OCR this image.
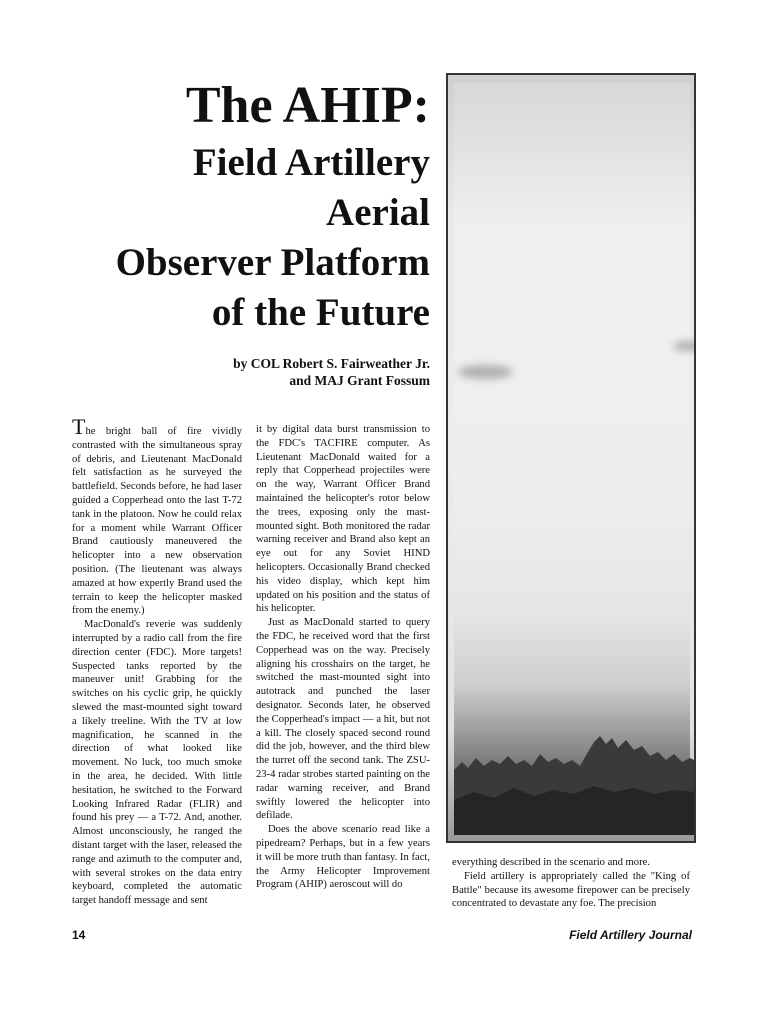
The AHIP:
Field Artillery
Aerial
Observer Platform
of the Future
by COL Robert S. Fairweather Jr.
and MAJ Grant Fossum

The bright ball of fire vividly contrasted with the simultaneous spray of debris, and Lieutenant MacDonald felt satisfaction as he surveyed the battlefield. Seconds before, he had laser guided a Copperhead onto the last T-72 tank in the platoon. Now he could relax for a moment while Warrant Officer Brand cautiously maneuvered the helicopter into a new observation position. (The lieutenant was always amazed at how expertly Brand used the terrain to keep the helicopter masked from the enemy.)

MacDonald's reverie was suddenly interrupted by a radio call from the fire direction center (FDC). More targets! Suspected tanks reported by the maneuver unit! Grabbing for the switches on his cyclic grip, he quickly slewed the mast-mounted sight toward a likely treeline. With the TV at low magnification, he scanned in the direction of what looked like movement. No luck, too much smoke in the area, he decided. With little hesitation, he switched to the Forward Looking Infrared Radar (FLIR) and found his prey — a T-72. And, another. Almost unconsciously, he ranged the distant target with the laser, released the range and azimuth to the computer and, with several strokes on the data entry keyboard, completed the automatic target handoff message and sent

it by digital data burst transmission to the FDC's TACFIRE computer. As Lieutenant MacDonald waited for a reply that Copperhead projectiles were on the way, Warrant Officer Brand maintained the helicopter's rotor below the trees, exposing only the mast-mounted sight. Both monitored the radar warning receiver and Brand also kept an eye out for any Soviet HIND helicopters. Occasionally Brand checked his video display, which kept him updated on his position and the status of his helicopter.

Just as MacDonald started to query the FDC, he received word that the first Copperhead was on the way. Precisely aligning his crosshairs on the target, he switched the mast-mounted sight into autotrack and punched the laser designator. Seconds later, he observed the Copperhead's impact — a hit, but not a kill. The closely spaced second round did the job, however, and the third blew the turret off the second tank. The ZSU-23-4 radar strobes started painting on the radar warning receiver, and Brand swiftly lowered the helicopter into defilade.

Does the above scenario read like a pipedream? Perhaps, but in a few years it will be more truth than fantasy. In fact, the Army Helicopter Improvement Program (AHIP) aeroscout will do

everything described in the scenario and more.

Field artillery is appropriately called the "King of Battle" because its awesome firepower can be precisely concentrated to devastate any foe. The precision

14	Field Artillery Journal
